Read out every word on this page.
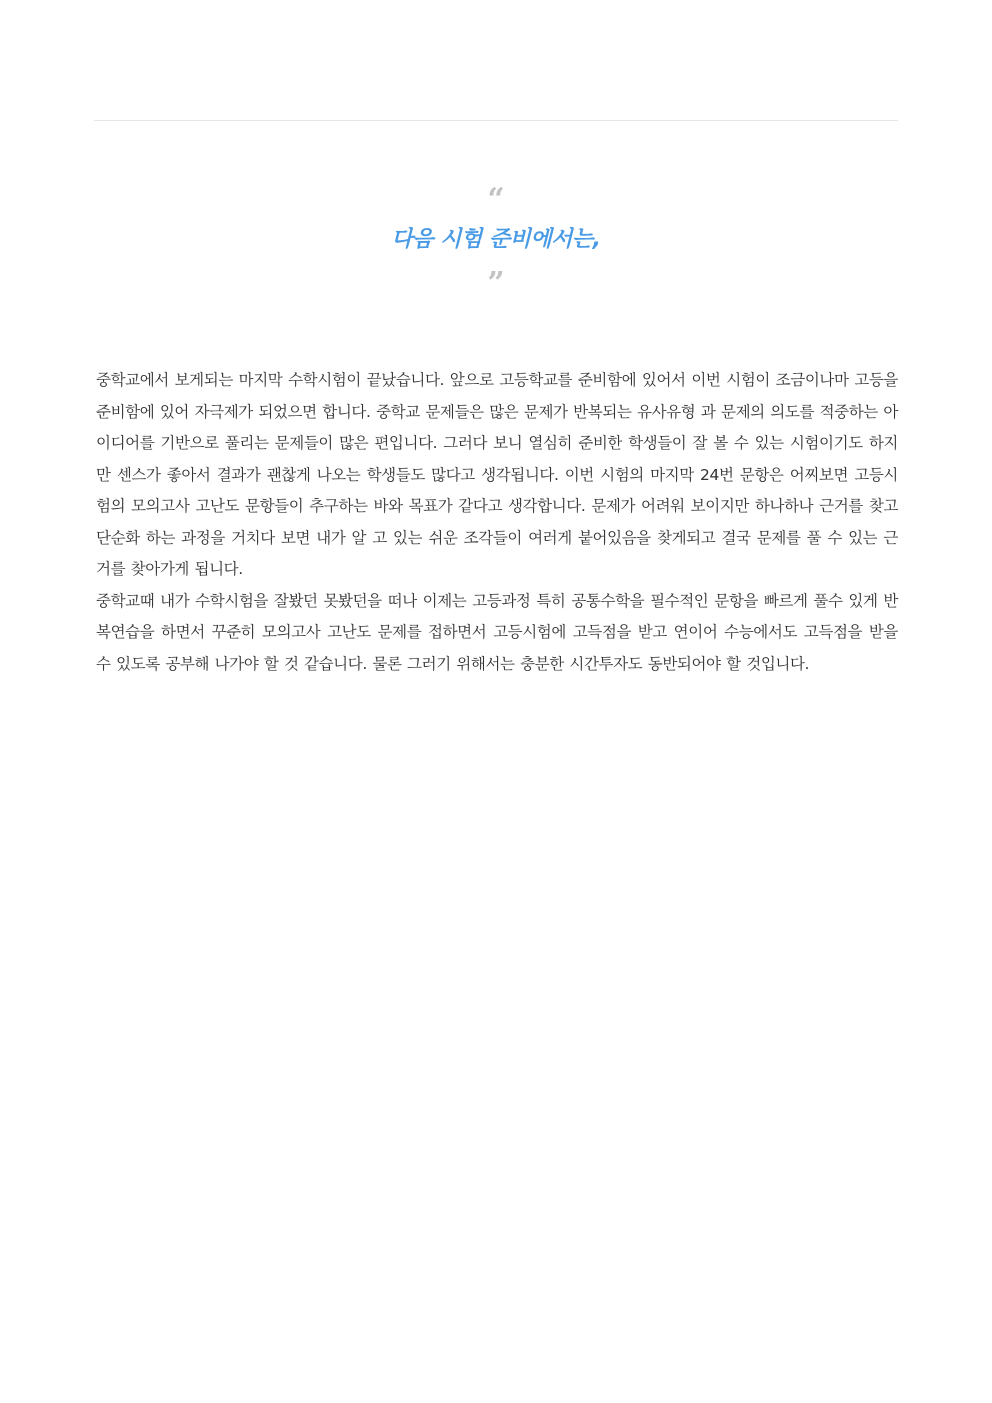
“
다음 시험 준비에서는,
”

중학교에서 보게되는 마지막 수학시험이 끝났습니다. 앞으로 고등학교를 준비함에 있어서 이번 시험이 조금이나마 고등을 준비함에 있어 자극제가 되었으면 합니다. 중학교 문제들은 많은 문제가 반복되는 유사유형 과 문제의 의도를 적중하는 아이디어를 기반으로 풀리는 문제들이 많은 편입니다. 그러다 보니 열심히 준비한 학생들이 잘 볼 수 있는 시험이기도 하지만 센스가 좋아서 결과가 괜찮게 나오는 학생들도 많다고 생각됩니다. 이번 시험의 마지막 24번 문항은 어찌보면 고등시험의 모의고사 고난도 문항들이 추구하는 바와 목표가 같다고 생각합니다. 문제가 어려워 보이지만 하나하나 근거를 찾고 단순화 하는 과정을 거치다 보면 내가 알 고 있는 쉬운 조각들이 여러게 붙어있음을 찾게되고 결국 문제를 풀 수 있는 근거를 찾아가게 됩니다.

중학교때 내가 수학시험을 잘봤던 못봤던을 떠나 이제는 고등과정 특히 공통수학을 필수적인 문항을 빠르게 풀수 있게 반복연습을 하면서 꾸준히 모의고사 고난도 문제를 접하면서 고등시험에 고득점을 받고 연이어 수능에서도 고득점을 받을 수 있도록 공부해 나가야 할 것 같습니다. 물론 그러기 위해서는 충분한 시간투자도 동반되어야 할 것입니다.
